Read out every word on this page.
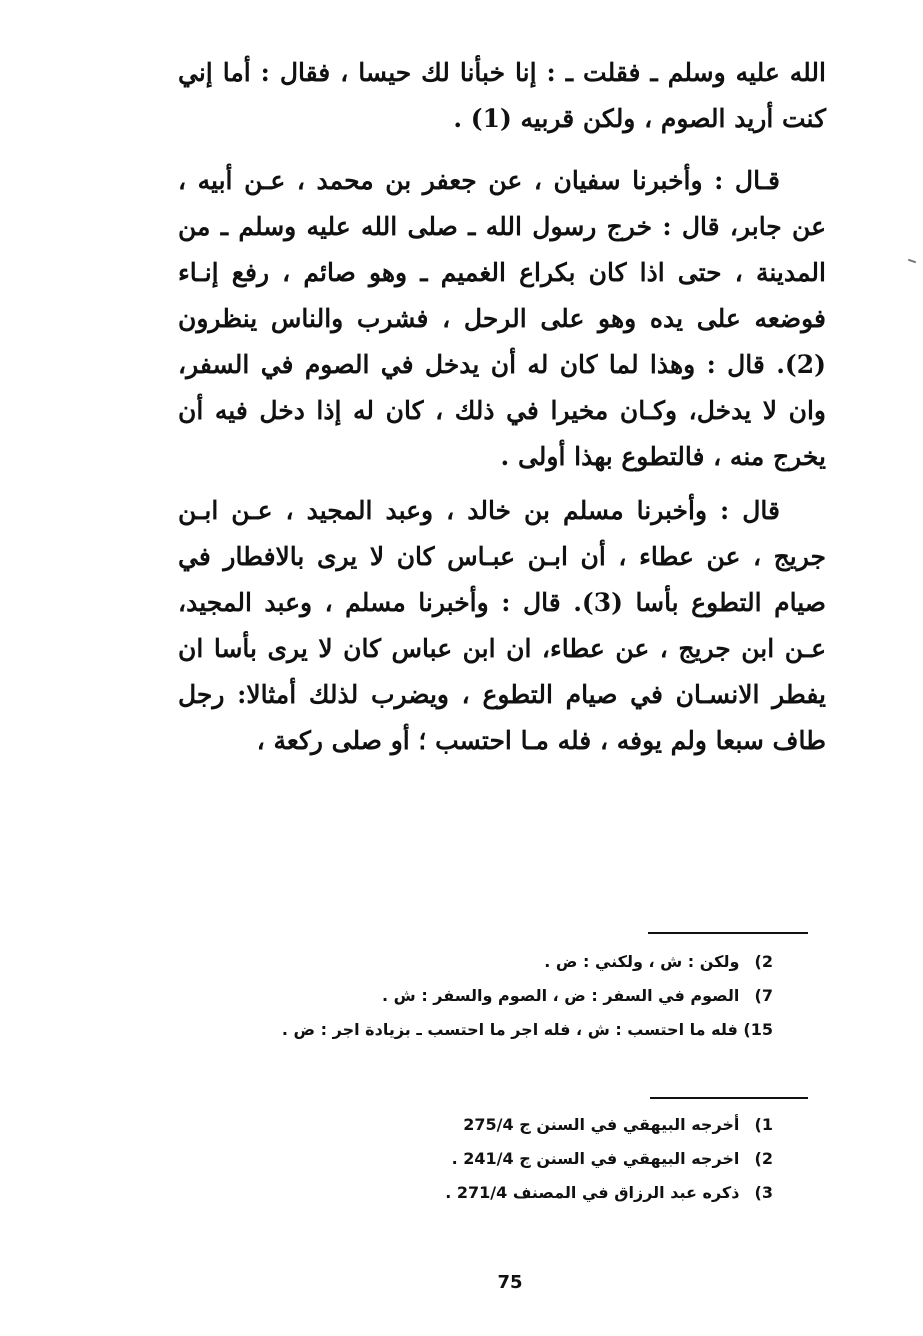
الله عليه وسلم ـ فقلت ـ : إنا خبأنا لك حيسا ، فقال : أما إني كنت أريد الصوم ، ولكن قربيه (1) .

قـال : وأخبرنا سفيان ، عن جعفر بن محمد ، عـن أبيه ، عن جابر، قال : خرج رسول الله ـ صلى الله عليه وسلم ـ من المدينة ، حتى اذا كان بكراع الغميم ـ وهو صائم ، رفع إنـاء فوضعه على يده وهو على الرحل ، فشرب والناس ينظرون (2). قال : وهذا لما كان له أن يدخل في الصوم في السفر، وان لا يدخل، وكـان مخيرا في ذلك ، كان له إذا دخل فيه أن يخرج منه ، فالتطوع بهذا أولى .

قال : وأخبرنا مسلم بن خالد ، وعبد المجيد ، عـن ابـن جريج ، عن عطاء ، أن ابـن عبـاس كان لا يرى بالافطار في صيام التطوع بأسا (3). قال : وأخبرنا مسلم ، وعبد المجيد، عـن ابن جريج ، عن عطاء، ان ابن عباس كان لا يرى بأسا ان يفطر الانسـان في صيام التطوع ، ويضرب لذلك أمثالا: رجل طاف سبعا ولم يوفه ، فله مـا احتسب ؛ أو صلى ركعة ،

2) ولكن : ش ، ولكني : ض .
7) الصوم في السفر : ض ، الصوم والسفر : ش .
15) فله ما احتسب : ش ، فله اجر ما احتسب ـ بزيادة اجر : ض .
1) أخرجه البيهقي في السنن ج 275/4
2) اخرجه البيهقي في السنن ج 241/4 .
3) ذكره عبد الرزاق في المصنف 271/4 .
75
